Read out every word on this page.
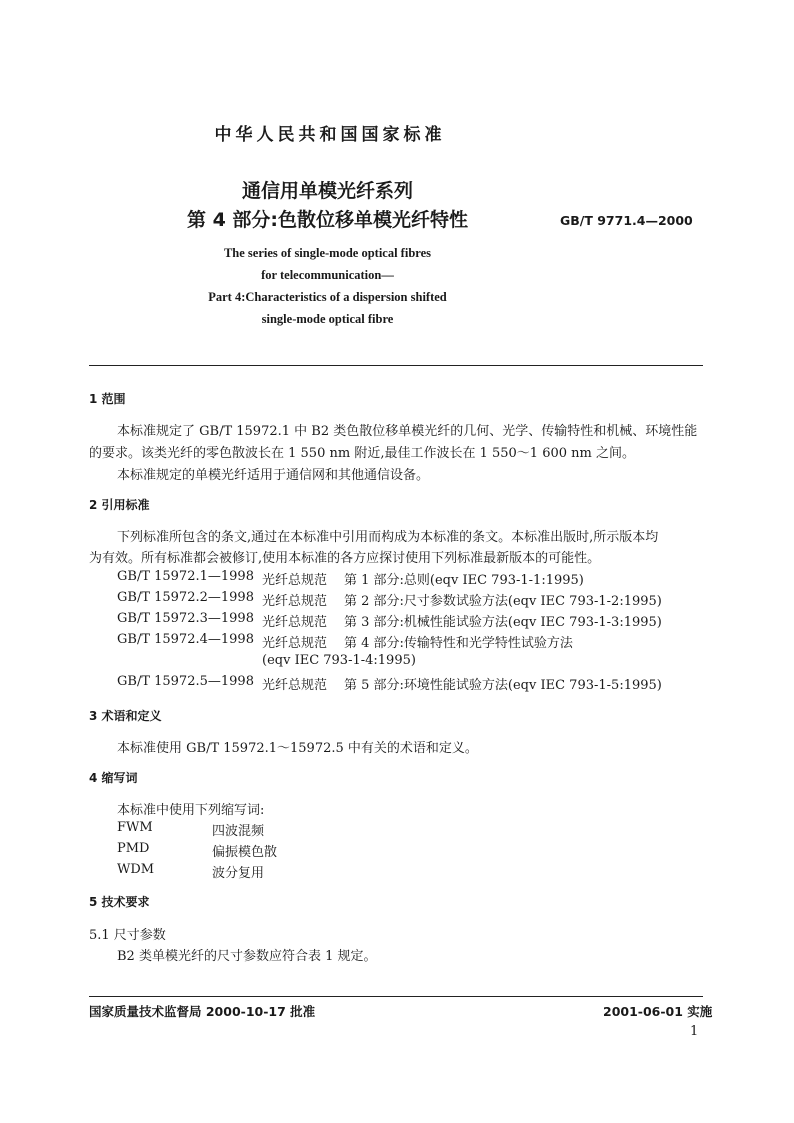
中华人民共和国国家标准
通信用单模光纤系列
第 4 部分:色散位移单模光纤特性	GB/T 9771.4—2000
The series of single-mode optical fibres
for telecommunication—
Part 4:Characteristics of a dispersion shifted
single-mode optical fibre
1 范围
本标准规定了 GB/T 15972.1 中 B2 类色散位移单模光纤的几何、光学、传输特性和机械、环境性能
的要求。该类光纤的零色散波长在 1 550 nm 附近,最佳工作波长在 1 550～1 600 nm 之间。
本标准规定的单模光纤适用于通信网和其他通信设备。
2 引用标准
下列标准所包含的条文,通过在本标准中引用而构成为本标准的条文。本标准出版时,所示版本均
为有效。所有标准都会被修订,使用本标准的各方应探讨使用下列标准最新版本的可能性。
GB/T 15972.1—1998 光纤总规范 第 1 部分:总则(eqv IEC 793-1-1:1995)
GB/T 15972.2—1998 光纤总规范 第 2 部分:尺寸参数试验方法(eqv IEC 793-1-2:1995)
GB/T 15972.3—1998 光纤总规范 第 3 部分:机械性能试验方法(eqv IEC 793-1-3:1995)
GB/T 15972.4—1998 光纤总规范 第 4 部分:传输特性和光学特性试验方法
(eqv IEC 793-1-4:1995)
GB/T 15972.5—1998 光纤总规范 第 5 部分:环境性能试验方法(eqv IEC 793-1-5:1995)
3 术语和定义
本标准使用 GB/T 15972.1～15972.5 中有关的术语和定义。
4 缩写词
本标准中使用下列缩写词:
FWM	四波混频
PMD	偏振模色散
WDM	波分复用
5 技术要求
5.1 尺寸参数
B2 类单模光纤的尺寸参数应符合表 1 规定。
国家质量技术监督局 2000-10-17 批准	2001-06-01 实施
1
